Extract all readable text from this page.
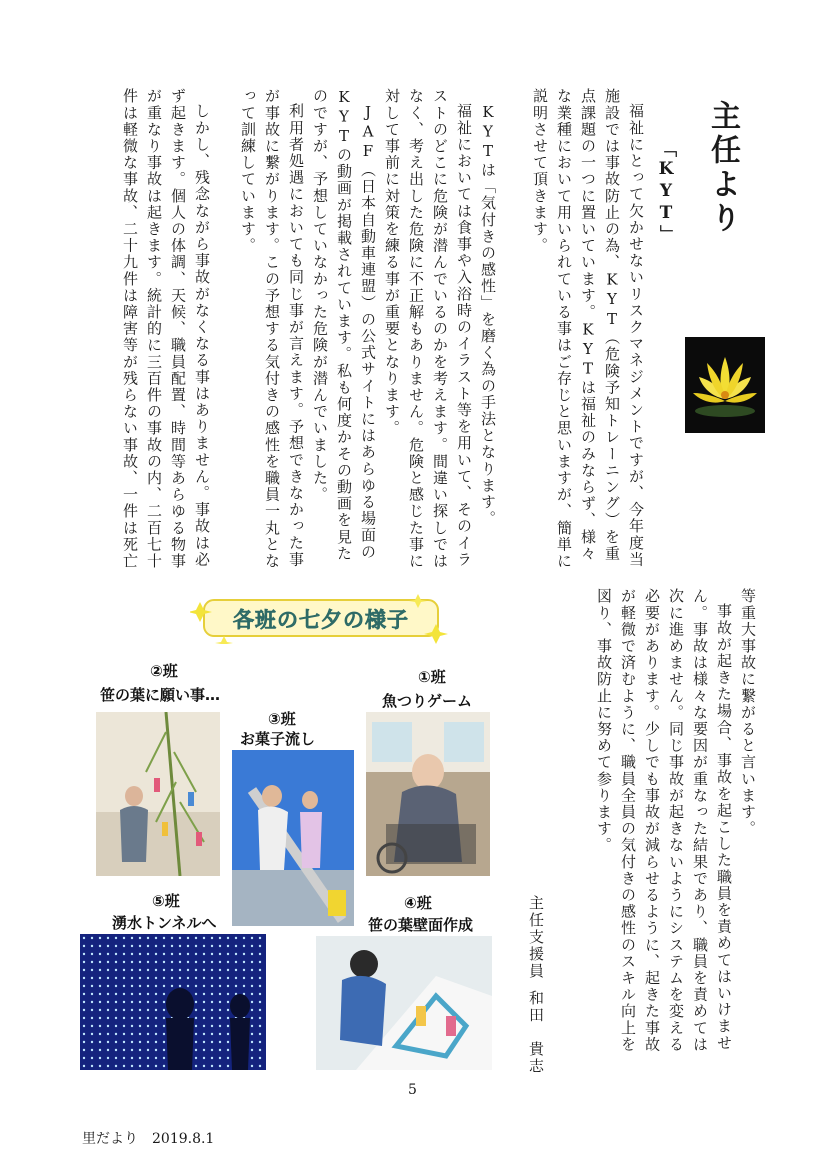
主任より
「KYT」

福祉にとって欠かせないリスクマネジメントですが、今年度当施設では事故防止の為、KYT（危険予知トレーニング）を重点課題の一つに置いています。KYTは福祉のみならず、様々な業種において用いられている事はご存じと思いますが、簡単に説明させて頂きます。

KYTは「気付きの感性」を磨く為の手法となります。

福祉においては食事や入浴時のイラスト等を用いて、そのイラストのどこに危険が潜んでいるのかを考えます。間違い探しではなく、考え出した危険に不正解もありません。危険と感じた事に対して事前に対策を練る事が重要となります。

JAF（日本自動車連盟）の公式サイトにはあらゆる場面のKYTの動画が掲載されています。私も何度かその動画を見たのですが、予想していなかった危険が潜んでいました。

利用者処遇においても同じ事が言えます。予想できなかった事が事故に繋がります。この予想する気付きの感性を職員一丸となって訓練しています。

しかし、残念ながら事故がなくなる事はありません。事故は必ず起きます。個人の体調、天候、職員配置、時間等あらゆる物事が重なり事故は起きます。統計的に三百件の事故の内、二百七十件は軽微な事故、二十九件は障害等が残らない事故、一件は死亡

等重大事故に繋がると言います。

事故が起きた場合、事故を起こした職員を責めてはいけません。事故は様々な要因が重なった結果であり、職員を責めては次に進めません。同じ事故が起きないようにシステムを変える必要があります。少しでも事故が減らせるように、起きた事故が軽微で済むように、職員全員の気付きの感性のスキル向上を図り、事故防止に努めて参ります。

主任支援員
和田　貴志
各班の七夕の様子
①班
魚つりゲーム
②班
笹の葉に願い事…
③班
お菓子流し
④班
笹の葉壁面作成
⑤班
湧水トンネルへ
5
里だより　2019.8.1
